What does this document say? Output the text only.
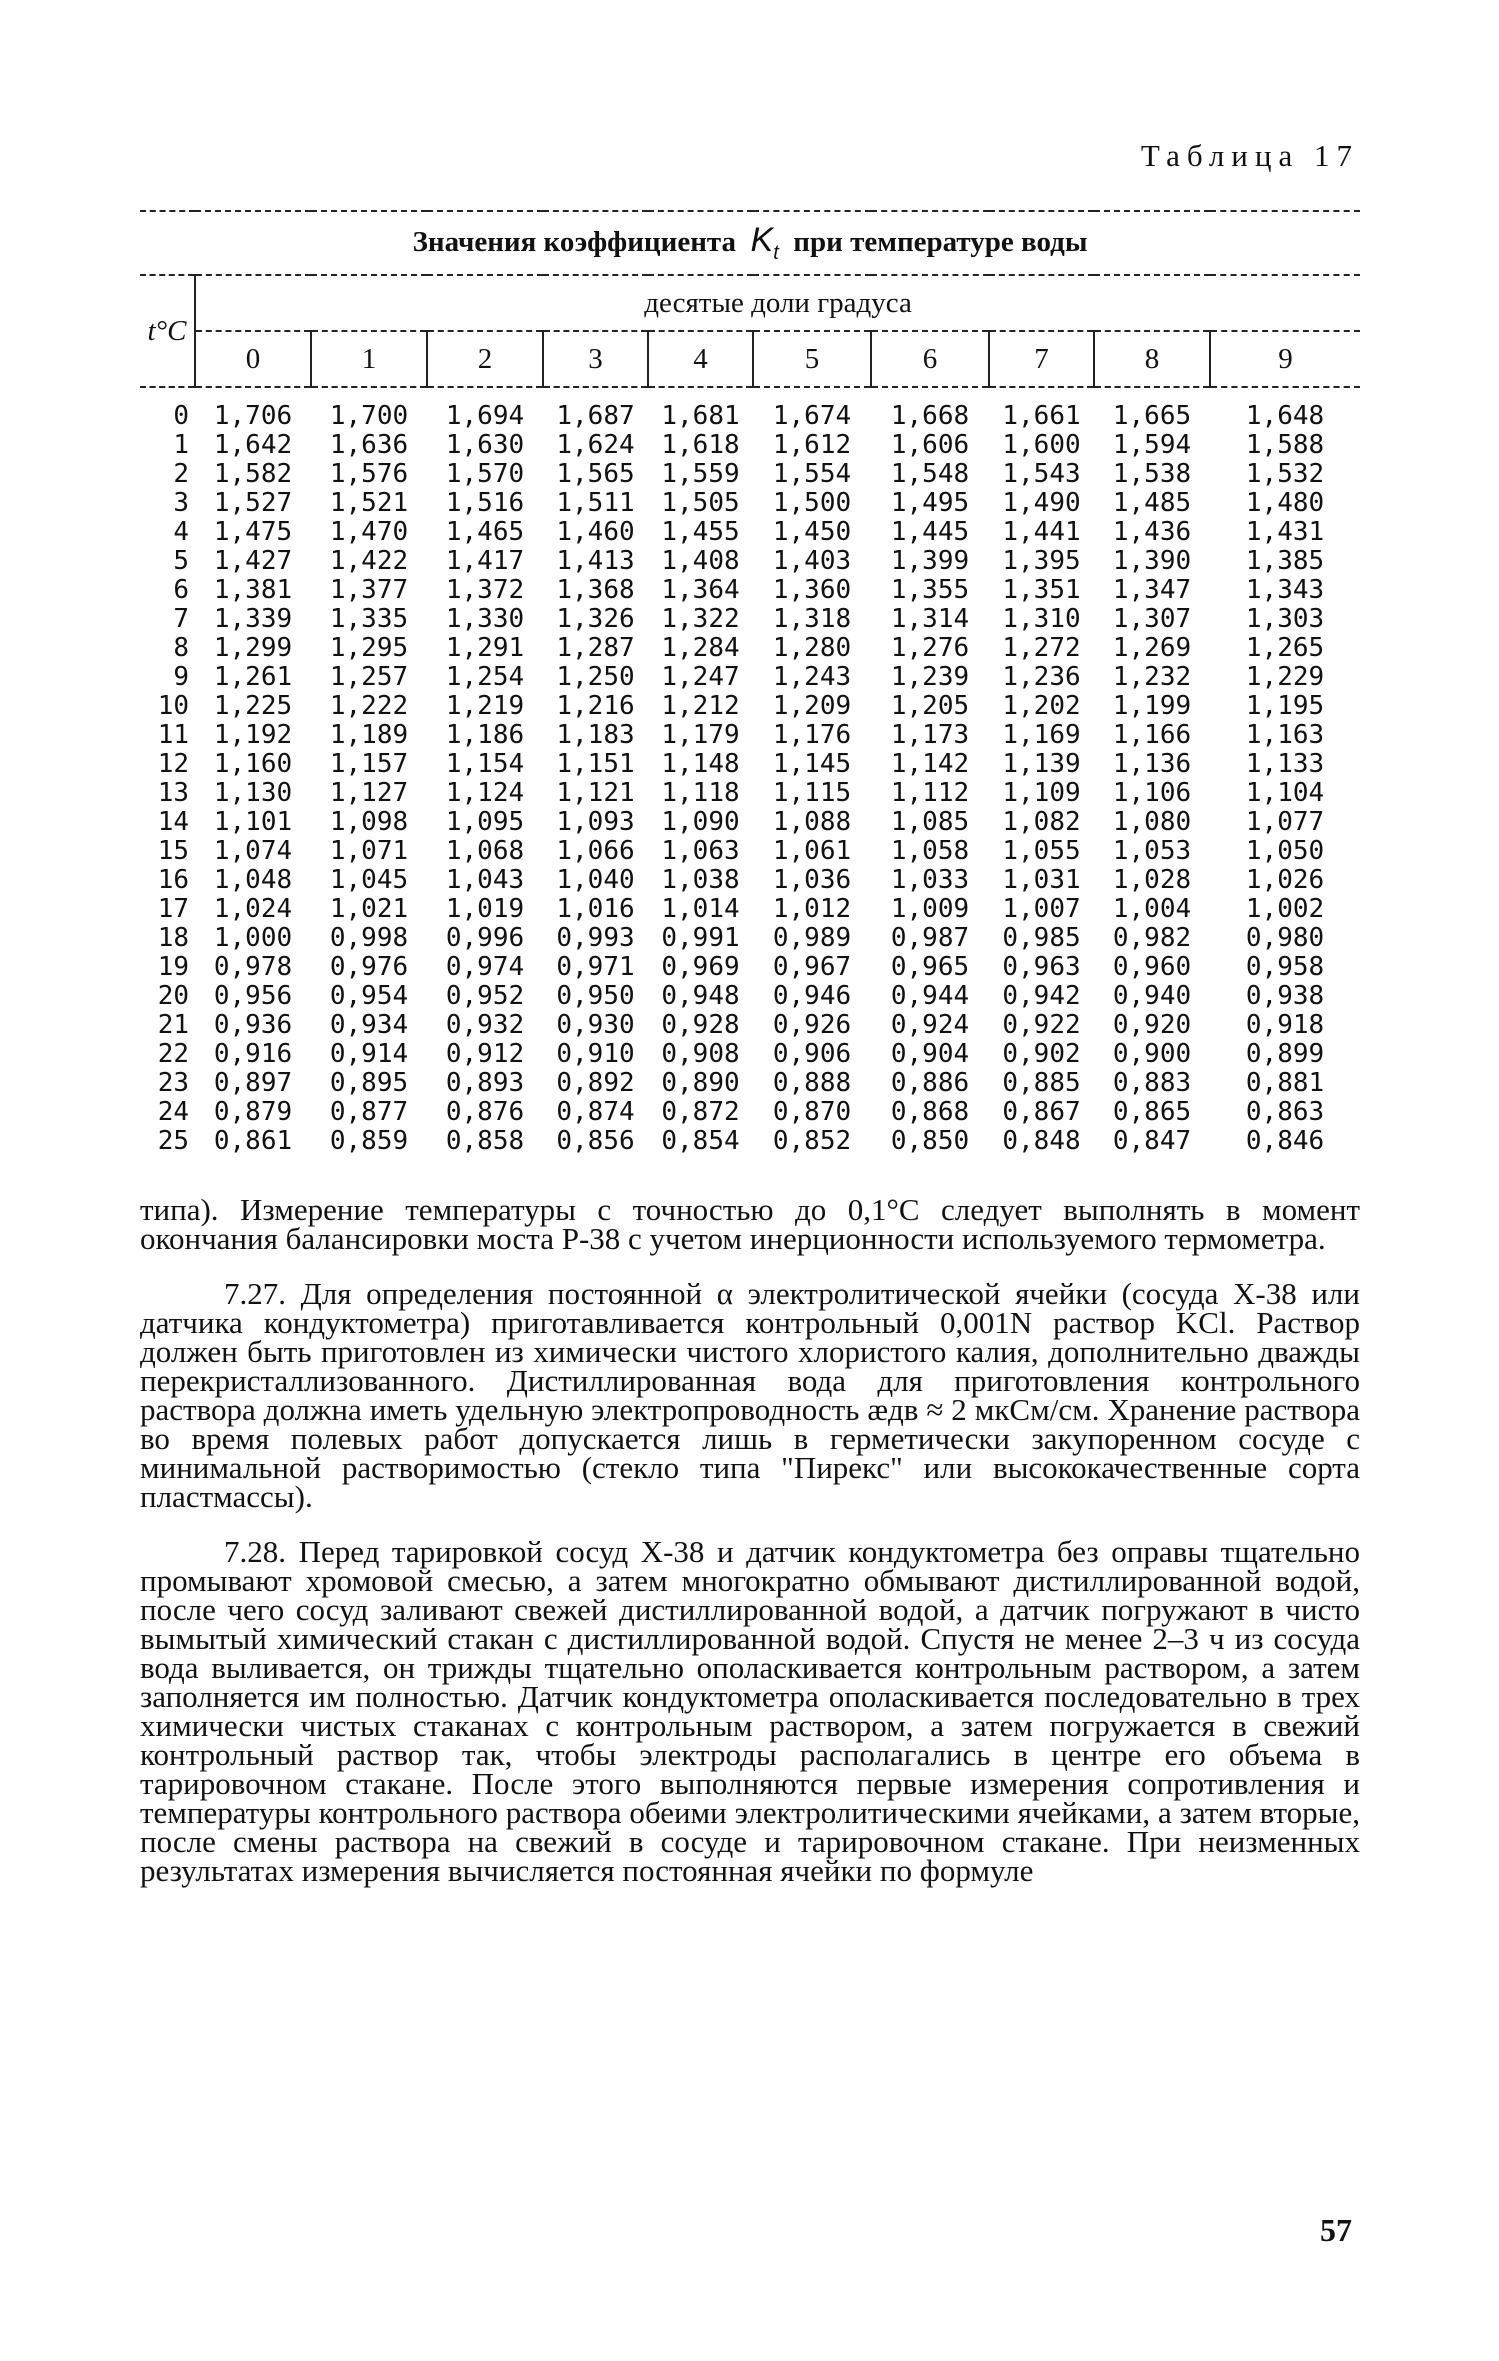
Таблица 17
Значения коэффициента $K_t$ при температуре воды										
t°C	десятые доли градуса									
	0	1	2	3	4	5	6	7	8	9
0	1,706	1,700	1,694	1,687	1,681	1,674	1,668	1,661	1,665	1,648
1	1,642	1,636	1,630	1,624	1,618	1,612	1,606	1,600	1,594	1,588
2	1,582	1,576	1,570	1,565	1,559	1,554	1,548	1,543	1,538	1,532
3	1,527	1,521	1,516	1,511	1,505	1,500	1,495	1,490	1,485	1,480
4	1,475	1,470	1,465	1,460	1,455	1,450	1,445	1,441	1,436	1,431
5	1,427	1,422	1,417	1,413	1,408	1,403	1,399	1,395	1,390	1,385
6	1,381	1,377	1,372	1,368	1,364	1,360	1,355	1,351	1,347	1,343
7	1,339	1,335	1,330	1,326	1,322	1,318	1,314	1,310	1,307	1,303
8	1,299	1,295	1,291	1,287	1,284	1,280	1,276	1,272	1,269	1,265
9	1,261	1,257	1,254	1,250	1,247	1,243	1,239	1,236	1,232	1,229
10	1,225	1,222	1,219	1,216	1,212	1,209	1,205	1,202	1,199	1,195
11	1,192	1,189	1,186	1,183	1,179	1,176	1,173	1,169	1,166	1,163
12	1,160	1,157	1,154	1,151	1,148	1,145	1,142	1,139	1,136	1,133
13	1,130	1,127	1,124	1,121	1,118	1,115	1,112	1,109	1,106	1,104
14	1,101	1,098	1,095	1,093	1,090	1,088	1,085	1,082	1,080	1,077
15	1,074	1,071	1,068	1,066	1,063	1,061	1,058	1,055	1,053	1,050
16	1,048	1,045	1,043	1,040	1,038	1,036	1,033	1,031	1,028	1,026
17	1,024	1,021	1,019	1,016	1,014	1,012	1,009	1,007	1,004	1,002
18	1,000	0,998	0,996	0,993	0,991	0,989	0,987	0,985	0,982	0,980
19	0,978	0,976	0,974	0,971	0,969	0,967	0,965	0,963	0,960	0,958
20	0,956	0,954	0,952	0,950	0,948	0,946	0,944	0,942	0,940	0,938
21	0,936	0,934	0,932	0,930	0,928	0,926	0,924	0,922	0,920	0,918
22	0,916	0,914	0,912	0,910	0,908	0,906	0,904	0,902	0,900	0,899
23	0,897	0,895	0,893	0,892	0,890	0,888	0,886	0,885	0,883	0,881
24	0,879	0,877	0,876	0,874	0,872	0,870	0,868	0,867	0,865	0,863
25	0,861	0,859	0,858	0,856	0,854	0,852	0,850	0,848	0,847	0,846

типа). Измерение температуры с точностью до 0,1°С следует выполнять в момент окончания балансировки моста Р-38 с учетом инерционности используемого термометра.

7.27. Для определения постоянной α электролитической ячейки (сосуда Х-38 или датчика кондуктометра) приготавливается контрольный 0,001N раствор KCl. Раствор должен быть приготовлен из химически чистого хлористого калия, дополнительно дважды перекристаллизованного. Дистиллированная вода для приготовления контрольного раствора должна иметь удельную электропроводность æдв ≈ 2 мкСм/см. Хранение раствора во время полевых работ допускается лишь в герметически закупоренном сосуде с минимальной растворимостью (стекло типа "Пирекс" или высококачественные сорта пластмассы).

7.28. Перед тарировкой сосуд Х-38 и датчик кондуктометра без оправы тщательно промывают хромовой смесью, а затем многократно обмывают дистиллированной водой, после чего сосуд заливают свежей дистиллированной водой, а датчик погружают в чисто вымытый химический стакан с дистиллированной водой. Спустя не менее 2–3 ч из сосуда вода выливается, он трижды тщательно ополаскивается контрольным раствором, а затем заполняется им полностью. Датчик кондуктометра ополаскивается последовательно в трех химически чистых стаканах с контрольным раствором, а затем погружается в свежий контрольный раствор так, чтобы электроды располагались в центре его объема в тарировочном стакане. После этого выполняются первые измерения сопротивления и температуры контрольного раствора обеими электролитическими ячейками, а затем вторые, после смены раствора на свежий в сосуде и тарировочном стакане. При неизменных результатах измерения вычисляется постоянная ячейки по формуле

57
